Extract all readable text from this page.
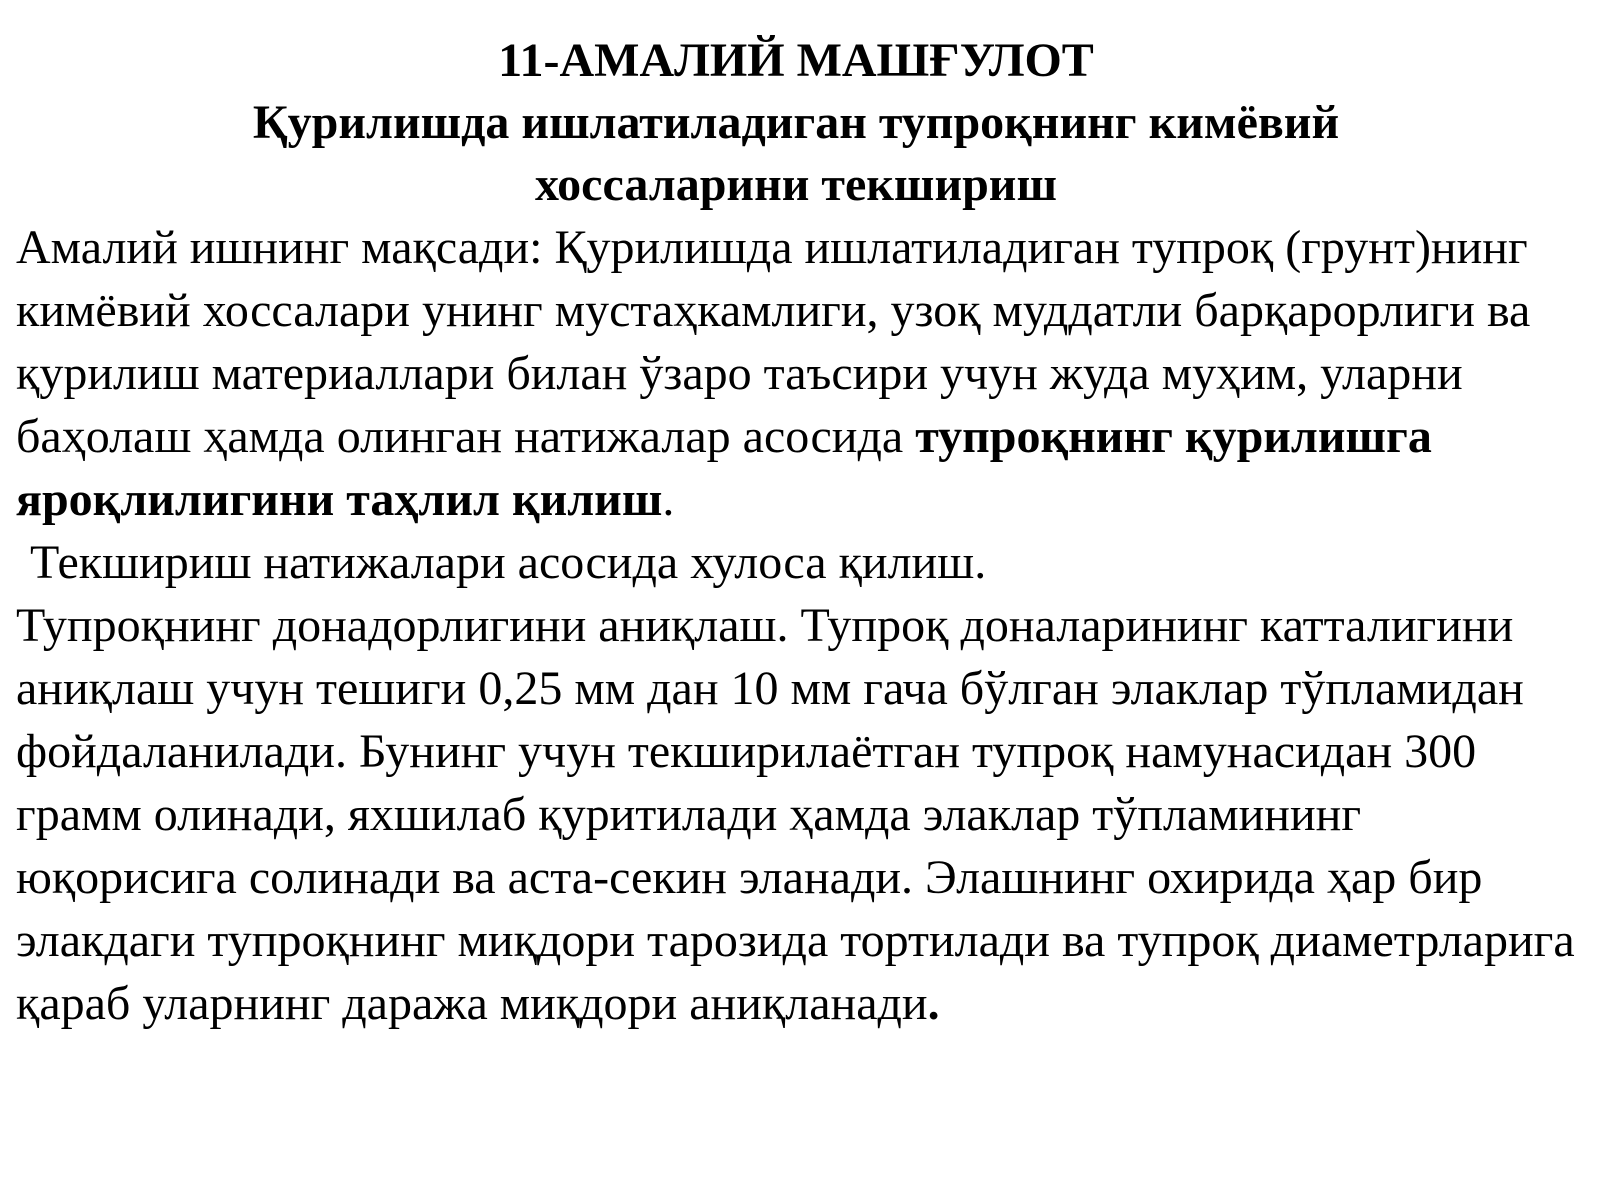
11-АМАЛИЙ МАШҒУЛОТ

Қурилишда ишлатиладиган тупроқнинг кимёвий
хоссаларини текшириш

Амалий ишнинг мақсади: Қурилишда ишлатиладиган тупроқ (грунт)нинг кимёвий хоссалари унинг мустаҳкамлиги, узоқ муддатли барқарорлиги ва қурилиш материаллари билан ўзаро таъсири учун жуда муҳим, уларни баҳолаш ҳамда олинган натижалар асосида тупроқнинг қурилишга яроқлилигини таҳлил қилиш.

Текшириш натижалари асосида хулоса қилиш.

Тупроқнинг донадорлигини аниқлаш. Тупроқ доналарининг катталигини аниқлаш учун тешиги 0,25 мм дан 10 мм гача бўлган элаклар тўпламидан фойдаланилади. Бунинг учун текширилаётган тупроқ намунасидан 300 грамм олинади, яхшилаб қуритилади ҳамда элаклар тўпламининг юқорисига солинади ва аста-секин эланади. Элашнинг охирида ҳар бир элакдаги тупроқнинг миқдори тарозида тортилади ва тупроқ диаметрларига қараб уларнинг даража миқдори аниқланади.
